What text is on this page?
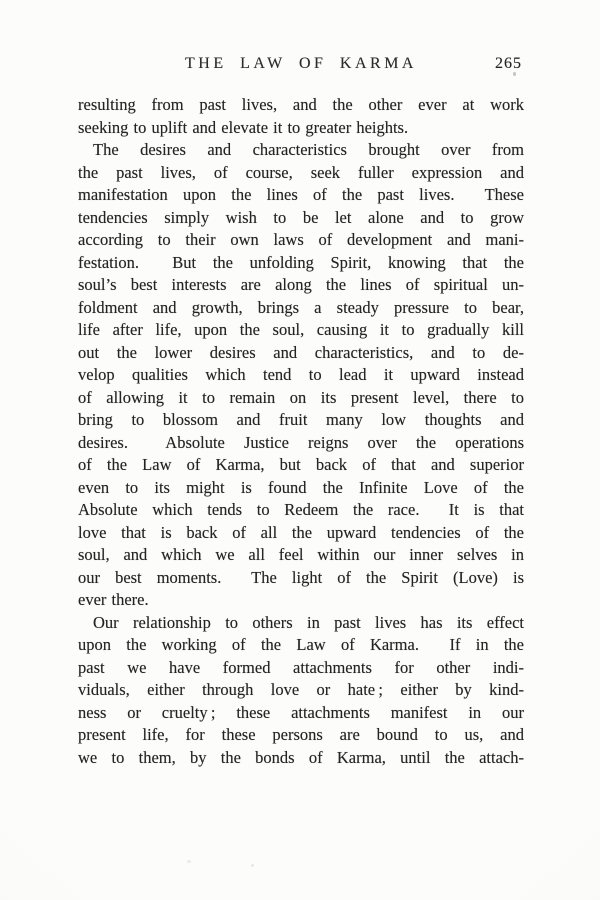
THE LAW OF KARMA	265
resulting from past lives, and the other ever at work
seeking to uplift and elevate it to greater heights.
The desires and characteristics brought over from
the past lives, of course, seek fuller expression and
manifestation upon the lines of the past lives.  These
tendencies simply wish to be let alone and to grow
according to their own laws of development and mani-
festation.  But the unfolding Spirit, knowing that the
soul’s best interests are along the lines of spiritual un-
foldment and growth, brings a steady pressure to bear,
life after life, upon the soul, causing it to gradually kill
out the lower desires and characteristics, and to de-
velop qualities which tend to lead it upward instead
of allowing it to remain on its present level, there to
bring to blossom and fruit many low thoughts and
desires.  Absolute Justice reigns over the operations
of the Law of Karma, but back of that and superior
even to its might is found the Infinite Love of the
Absolute which tends to Redeem the race.  It is that
love that is back of all the upward tendencies of the
soul, and which we all feel within our inner selves in
our best moments.  The light of the Spirit (Love) is
ever there.
Our relationship to others in past lives has its effect
upon the working of the Law of Karma.  If in the
past we have formed attachments for other indi-
viduals, either through love or hate ; either by kind-
ness or cruelty ; these attachments manifest in our
present life, for these persons are bound to us, and
we to them, by the bonds of Karma, until the attach-
